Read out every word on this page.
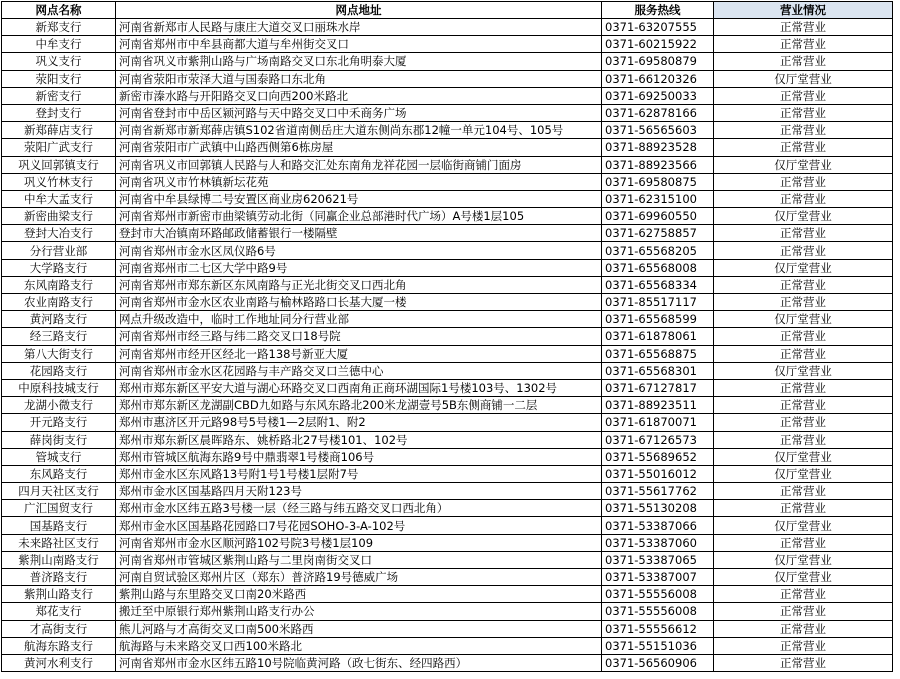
网点名称	网点地址	服务热线	营业情况
新郑支行	河南省新郑市人民路与康庄大道交叉口丽珠水岸	0371-63207555	正常营业
中牟支行	河南省郑州市中牟县商都大道与牟州街交叉口	0371-60215922	正常营业
巩义支行	河南省巩义市紫荆山路与广场南路交叉口东北角明泰大厦	0371-69580879	正常营业
荥阳支行	河南省荥阳市荥泽大道与国泰路口东北角	0371-66120326	仅厅堂营业
新密支行	新密市溱水路与开阳路交叉口向西200米路北	0371-69250033	正常营业
登封支行	河南省登封市中岳区颍河路与天中路交叉口中禾商务广场	0371-62878166	正常营业
新郑薛店支行	河南省新郑市新郑薛店镇S102省道南侧岳庄大道东侧尚东郡12幢一单元104号、105号	0371-56565603	正常营业
荥阳广武支行	河南省荥阳市广武镇中山路西侧第6栋房屋	0371-88923528	正常营业
巩义回郭镇支行	河南省巩义市回郭镇人民路与人和路交汇处东南角龙祥花园一层临街商铺门面房	0371-88923566	仅厅堂营业
巩义竹林支行	河南省巩义市竹林镇新坛花苑	0371-69580875	正常营业
中牟大孟支行	河南省中牟县绿博二号安置区商业房620621号	0371-62315100	正常营业
新密曲梁支行	河南省郑州市新密市曲梁镇劳动北街（同赢企业总部港时代广场）A号楼1层105	0371-69960550	仅厅堂营业
登封大冶支行	登封市大冶镇南环路邮政储蓄银行一楼隔壁	0371-62758857	正常营业
分行营业部	河南省郑州市金水区凤仪路6号	0371-65568205	正常营业
大学路支行	河南省郑州市二七区大学中路9号	0371-65568008	仅厅堂营业
东风南路支行	河南省郑州市郑东新区东风南路与正光北街交叉口西北角	0371-65568334	正常营业
农业南路支行	河南省郑州市金水区农业南路与榆林路路口长基大厦一楼	0371-85517117	正常营业
黄河路支行	网点升级改造中，临时工作地址同分行营业部	0371-65568599	仅厅堂营业
经三路支行	河南省郑州市经三路与纬二路交叉口18号院	0371-61878061	正常营业
第八大街支行	河南省郑州市经开区经北一路138号新亚大厦	0371-65568875	正常营业
花园路支行	河南省郑州市金水区花园路与丰产路交叉口兰德中心	0371-65568301	仅厅堂营业
中原科技城支行	郑州市郑东新区平安大道与湖心环路交叉口西南角正商环湖国际1号楼103号、1302号	0371-67127817	正常营业
龙湖小微支行	郑州市郑东新区龙湖副CBD九如路与东风东路北200米龙湖壹号5B东侧商铺一二层	0371-88923511	正常营业
开元路支行	郑州市惠济区开元路98号5号楼1—2层附1、附2	0371-61870071	正常营业
薛岗街支行	郑州市郑东新区晨晖路东、姚桥路北27号楼101、102号	0371-67126573	正常营业
管城支行	郑州市管城区航海东路9号中鼎翡翠1号楼商106号	0371-55689652	仅厅堂营业
东风路支行	郑州市金水区东风路13号附1号1号楼1层附7号	0371-55016012	仅厅堂营业
四月天社区支行	郑州市金水区国基路四月天附123号	0371-55617762	正常营业
广汇国贸支行	郑州市金水区纬五路3号楼一层（经三路与纬五路交叉口西北角）	0371-55130208	正常营业
国基路支行	郑州市金水区国基路花园路口7号花园SOHO-3-A-102号	0371-53387066	仅厅堂营业
未来路社区支行	河南省郑州市金水区顺河路102号院3号楼1层109	0371-53387060	正常营业
紫荆山南路支行	河南省郑州市管城区紫荆山路与二里岗南街交叉口	0371-53387065	仅厅堂营业
普济路支行	河南自贸试验区郑州片区（郑东）普济路19号德威广场	0371-53387007	仅厅堂营业
紫荆山路支行	紫荆山路与东里路交叉口南20米路西	0371-55556008	正常营业
郑花支行	搬迁至中原银行郑州紫荆山路支行办公	0371-55556008	正常营业
才高街支行	熊儿河路与才高街交叉口南500米路西	0371-55556612	正常营业
航海东路支行	航海路与未来路交叉口西100米路北	0371-55151036	正常营业
黄河水利支行	河南省郑州市金水区纬五路10号院临黄河路（政七街东、经四路西）	0371-56560906	正常营业
